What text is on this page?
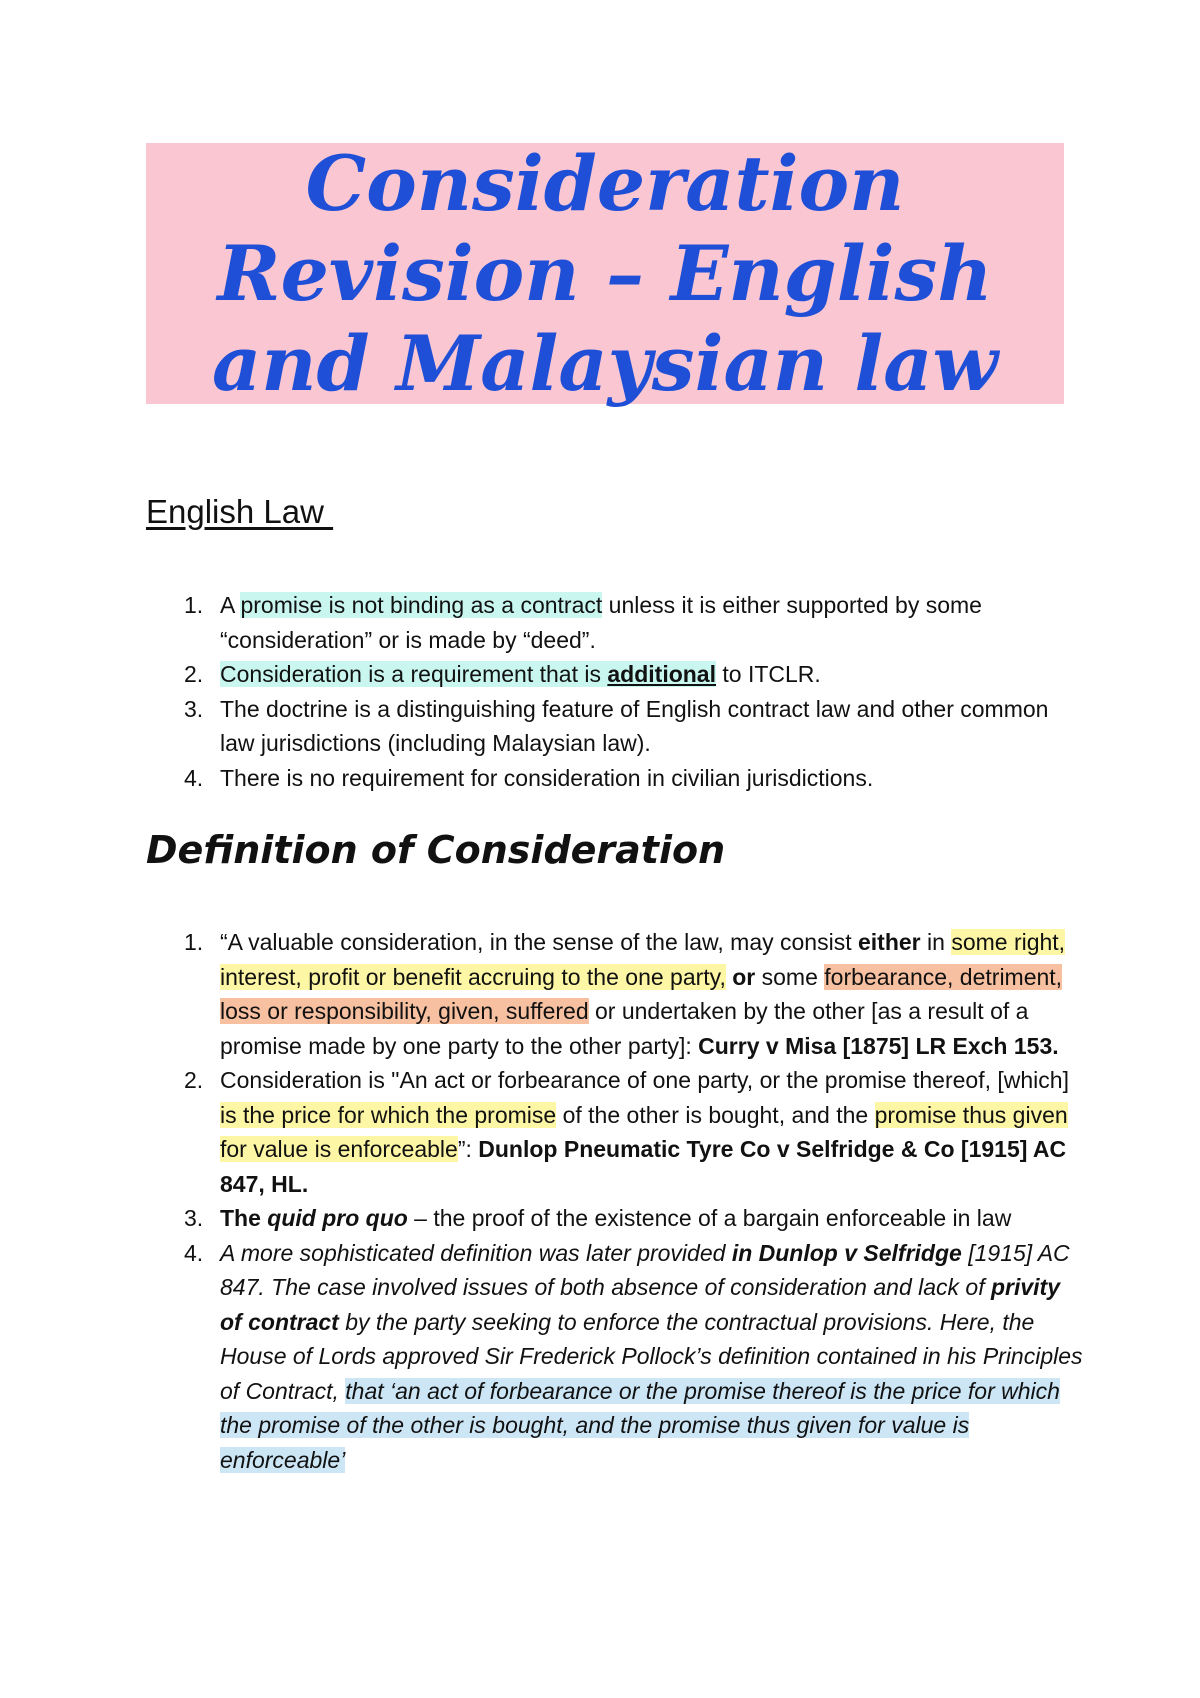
Consideration
Revision – English
and Malaysian law
English Law
1. A promise is not binding as a contract unless it is either supported by some “consideration” or is made by “deed”.
2. Consideration is a requirement that is additional to ITCLR.
3. The doctrine is a distinguishing feature of English contract law and other common law jurisdictions (including Malaysian law).
4. There is no requirement for consideration in civilian jurisdictions.
Definition of Consideration
1. “A valuable consideration, in the sense of the law, may consist either in some right, interest, profit or benefit accruing to the one party, or some forbearance, detriment, loss or responsibility, given, suffered or undertaken by the other [as a result of a promise made by one party to the other party]: Curry v Misa [1875] LR Exch 153.
2. Consideration is "An act or forbearance of one party, or the promise thereof, [which] is the price for which the promise of the other is bought, and the promise thus given for value is enforceable”: Dunlop Pneumatic Tyre Co v Selfridge & Co [1915] AC 847, HL.
3. The quid pro quo – the proof of the existence of a bargain enforceable in law
4. A more sophisticated definition was later provided in Dunlop v Selfridge [1915] AC 847. The case involved issues of both absence of consideration and lack of privity of contract by the party seeking to enforce the contractual provisions. Here, the House of Lords approved Sir Frederick Pollock’s definition contained in his Principles of Contract, that ‘an act of forbearance or the promise thereof is the price for which the promise of the other is bought, and the promise thus given for value is enforceable’
